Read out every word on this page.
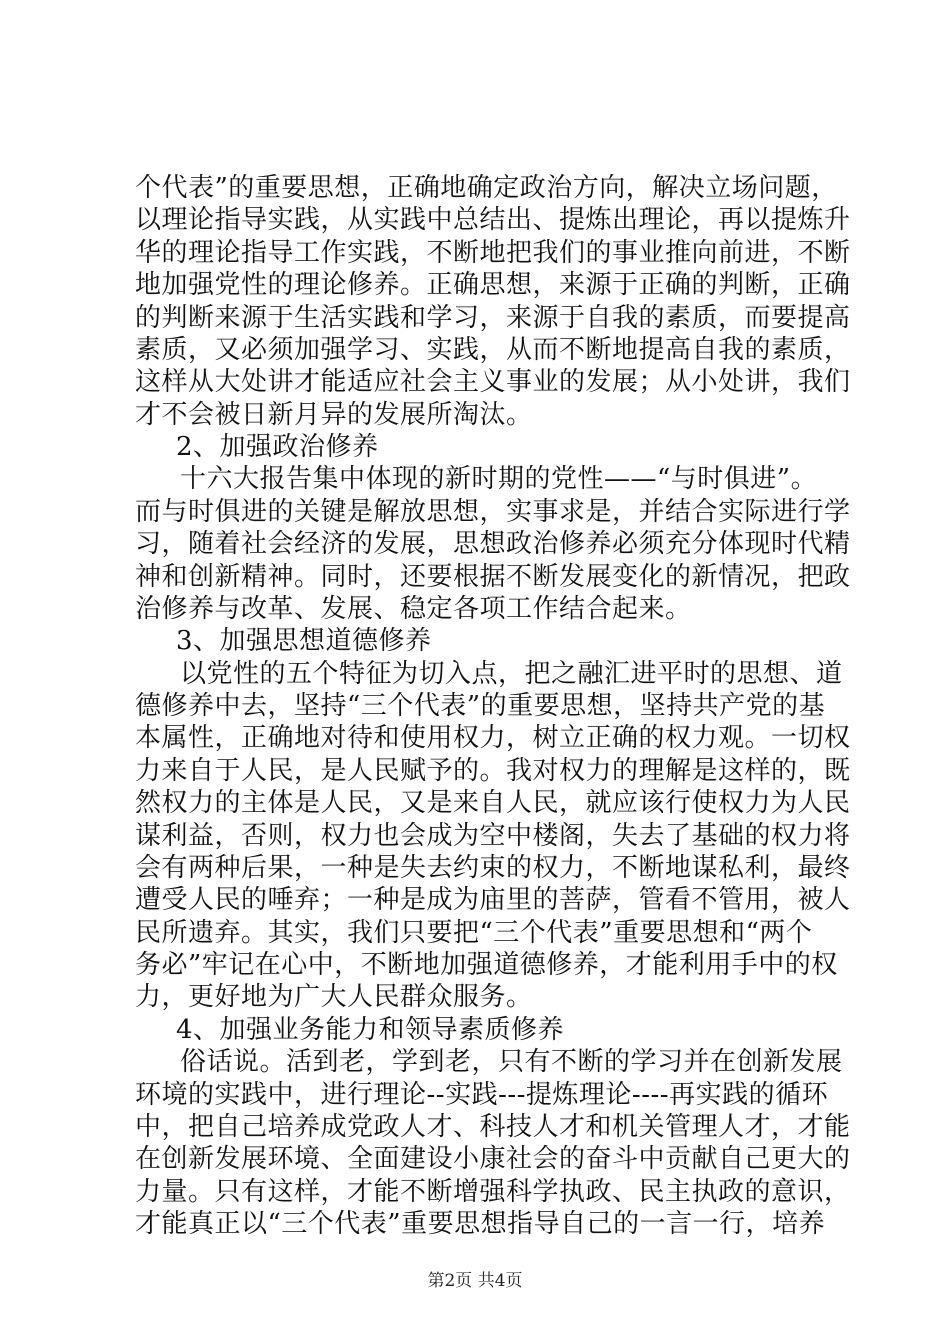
个代表”的重要思想，正确地确定政治方向，解决立场问题，
以理论指导实践，从实践中总结出、提炼出理论，再以提炼升
华的理论指导工作实践，不断地把我们的事业推向前进，不断
地加强党性的理论修养。正确思想，来源于正确的判断，正确
的判断来源于生活实践和学习，来源于自我的素质，而要提高
素质，又必须加强学习、实践，从而不断地提高自我的素质，
这样从大处讲才能适应社会主义事业的发展；从小处讲，我们
才不会被日新月异的发展所淘汰。
2、加强政治修养
十六大报告集中体现的新时期的党性——“与时俱进”。
而与时俱进的关键是解放思想，实事求是，并结合实际进行学
习，随着社会经济的发展，思想政治修养必须充分体现时代精
神和创新精神。同时，还要根据不断发展变化的新情况，把政
治修养与改革、发展、稳定各项工作结合起来。
3、加强思想道德修养
以党性的五个特征为切入点，把之融汇进平时的思想、道
德修养中去，坚持“三个代表”的重要思想，坚持共产党的基
本属性，正确地对待和使用权力，树立正确的权力观。一切权
力来自于人民，是人民赋予的。我对权力的理解是这样的，既
然权力的主体是人民，又是来自人民，就应该行使权力为人民
谋利益，否则，权力也会成为空中楼阁，失去了基础的权力将
会有两种后果，一种是失去约束的权力，不断地谋私利，最终
遭受人民的唾弃；一种是成为庙里的菩萨，管看不管用，被人
民所遗弃。其实，我们只要把“三个代表”重要思想和“两个
务必”牢记在心中，不断地加强道德修养，才能利用手中的权
力，更好地为广大人民群众服务。
4、加强业务能力和领导素质修养
俗话说。活到老，学到老，只有不断的学习并在创新发展
环境的实践中，进行理论--实践---提炼理论----再实践的循环
中，把自己培养成党政人才、科技人才和机关管理人才，才能
在创新发展环境、全面建设小康社会的奋斗中贡献自己更大的
力量。只有这样，才能不断增强科学执政、民主执政的意识，
才能真正以“三个代表”重要思想指导自己的一言一行，培养
第2页 共4页
